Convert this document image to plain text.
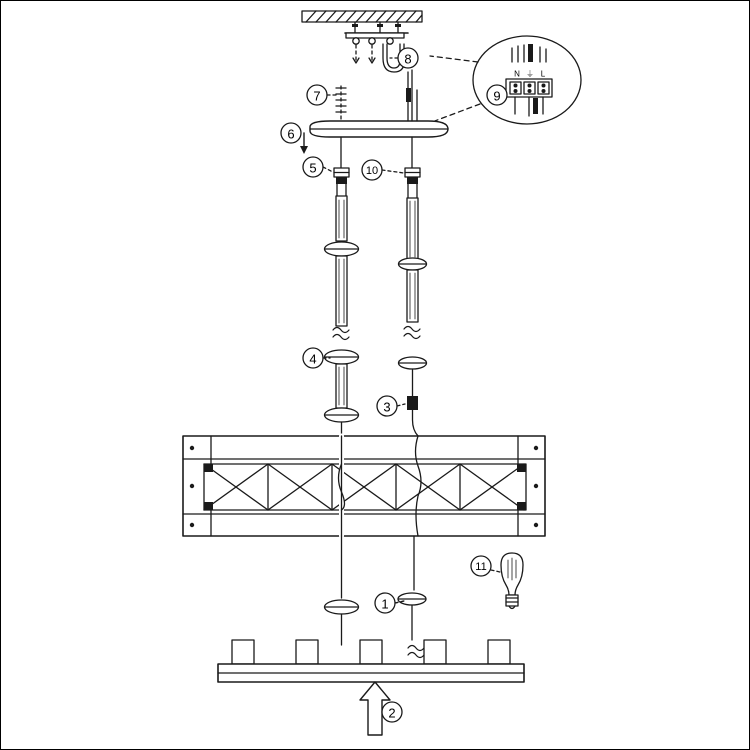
1
2
3
4
5
6
7
8
9
10
11
N ⏚ L
